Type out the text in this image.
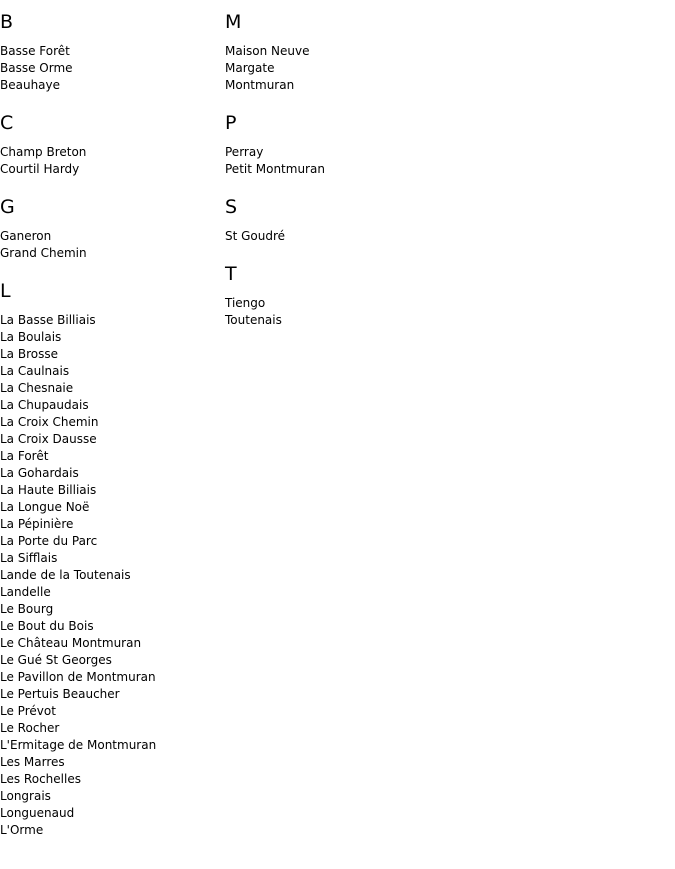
B
Basse Forêt
Basse Orme
Beauhaye
C
Champ Breton
Courtil Hardy
G
Ganeron
Grand Chemin
L
La Basse Billiais
La Boulais
La Brosse
La Caulnais
La Chesnaie
La Chupaudais
La Croix Chemin
La Croix Dausse
La Forêt
La Gohardais
La Haute Billiais
La Longue Noë
La Pépinière
La Porte du Parc
La Sifflais
Lande de la Toutenais
Landelle
Le Bourg
Le Bout du Bois
Le Château Montmuran
Le Gué St Georges
Le Pavillon de Montmuran
Le Pertuis Beaucher
Le Prévot
Le Rocher
L'Ermitage de Montmuran
Les Marres
Les Rochelles
Longrais
Longuenaud
L'Orme
M
Maison Neuve
Margate
Montmuran
P
Perray
Petit Montmuran
S
St Goudré
T
Tiengo
Toutenais
